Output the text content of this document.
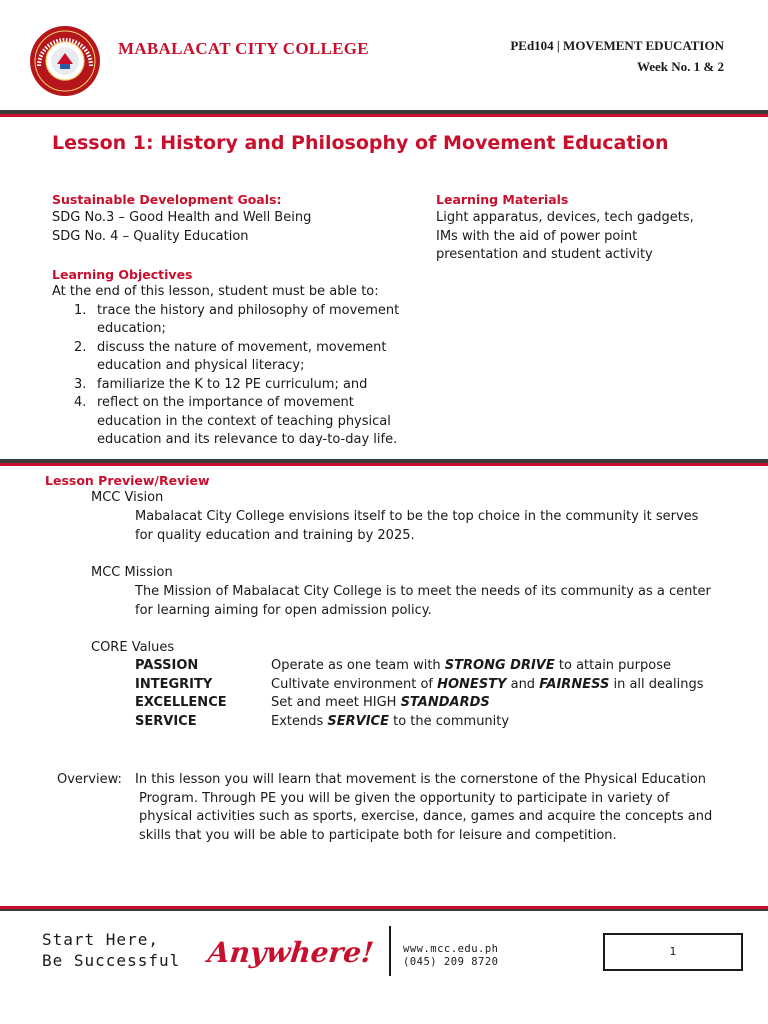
MABALACAT CITY COLLEGE	PEd104 | MOVEMENT EDUCATION
Week No. 1 & 2
Lesson 1: History and Philosophy of Movement Education
Sustainable Development Goals:
SDG No.3 – Good Health and Well Being
SDG No. 4 – Quality Education
Learning Materials
Light apparatus, devices, tech gadgets,
IMs with the aid of power point
presentation and student activity
Learning Objectives
At the end of this lesson, student must be able to:
1. trace the history and philosophy of movement
education;
2. discuss the nature of movement, movement
education and physical literacy;
3. familiarize the K to 12 PE curriculum; and
4. reflect on the importance of movement
education in the context of teaching physical
education and its relevance to day-to-day life.
Lesson Preview/Review
MCC Vision
Mabalacat City College envisions itself to be the top choice in the community it serves
for quality education and training by 2025.
MCC Mission
The Mission of Mabalacat City College is to meet the needs of its community as a center
for learning aiming for open admission policy.
CORE Values
PASSION	Operate as one team with STRONG DRIVE to attain purpose
INTEGRITY	Cultivate environment of HONESTY and FAIRNESS in all dealings
EXCELLENCE	Set and meet HIGH STANDARDS
SERVICE	Extends SERVICE to the community
Overview: In this lesson you will learn that movement is the cornerstone of the Physical Education
Program. Through PE you will be given the opportunity to participate in variety of
physical activities such as sports, exercise, dance, games and acquire the concepts and
skills that you will be able to participate both for leisure and competition.
Start Here,
Be Successful Anywhere!	www.mcc.edu.ph
(045) 209 8720
1
